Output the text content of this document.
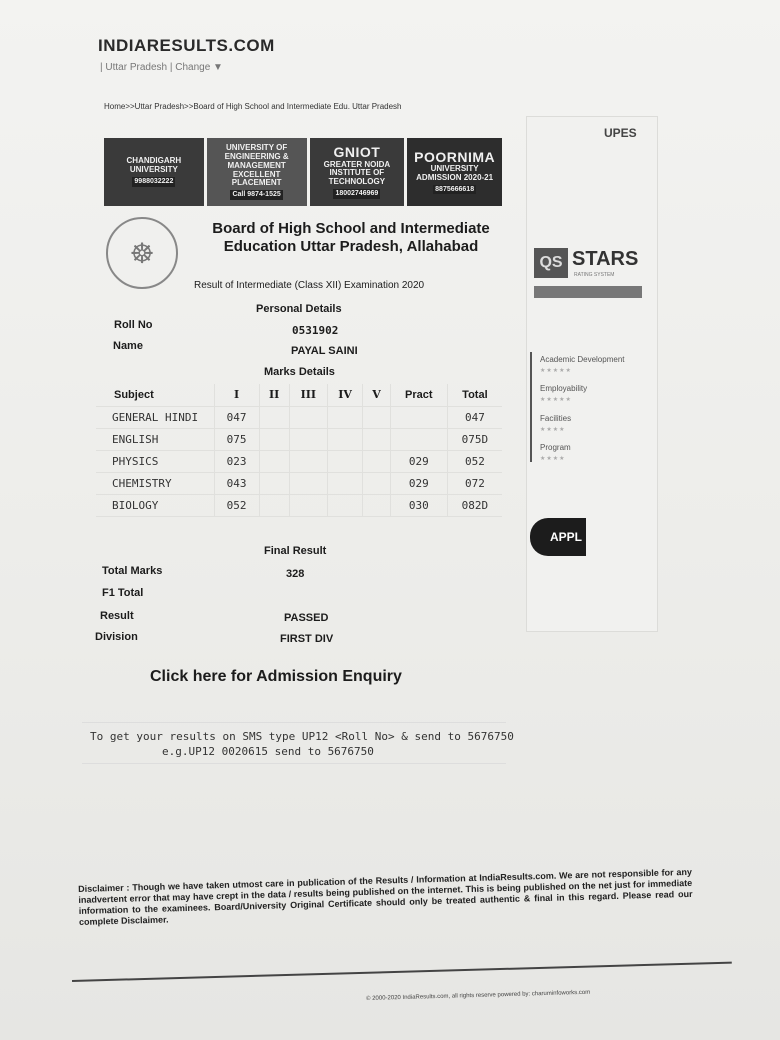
INDIARESULTS.COM
| Uttar Pradesh | Change ▼
Home>>Uttar Pradesh>>Board of High School and Intermediate Edu. Uttar Pradesh
CHANDIGARH
UNIVERSITY
9988032222
UNIVERSITY OF ENGINEERING & MANAGEMENT
EXCELLENT PLACEMENT
Call 9874-1525
GNIOT
GREATER NOIDA INSTITUTE OF TECHNOLOGY
18002746969
POORNIMA
UNIVERSITY
ADMISSION 2020-21
8875666618
☸
Board of High School and Intermediate Education Uttar Pradesh, Allahabad
Result of Intermediate (Class XII) Examination 2020
Personal Details
Roll No	0531902
Name	PAYAL SAINI
Marks Details
Subject	I	II	III	IV	V	Pract	Total
GENERAL HINDI	047						047
ENGLISH	075						075D
PHYSICS	023					029	052
CHEMISTRY	043					029	072
BIOLOGY	052					030	082D
Final Result
Total Marks	328
F1 Total
Result	PASSED
Division	FIRST DIV
Click here for Admission Enquiry
To get your results on SMS type UP12 <Roll No> & send to 5676750
e.g.UP12 0020615 send to 5676750
UPES
QS STARS
RATING SYSTEM
Academic Development
★★★★★
Employability
★★★★★
Facilities
★★★★
Program
★★★★
APPL
Disclaimer : Though we have taken utmost care in publication of the Results / Information at IndiaResults.com. We are not responsible for any inadvertent error that may have crept in the data / results being published on the internet. This is being published on the net just for immediate information to the examinees. Board/University Original Certificate should only be treated authentic & final in this regard. Please read our complete Disclaimer.
© 2000-2020 IndiaResults.com, all rights reserve powered by: charuminfoworks.com
